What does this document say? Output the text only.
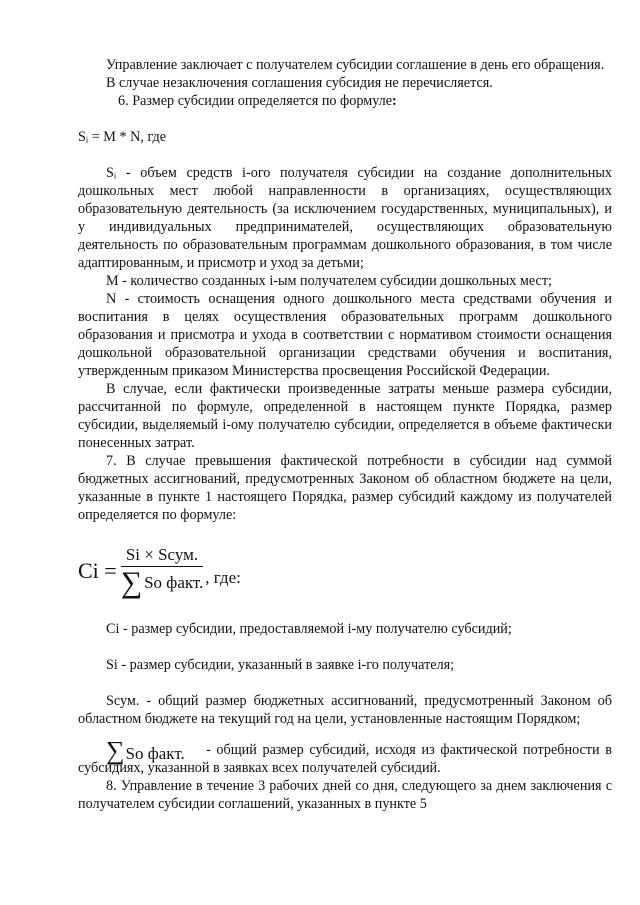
Управление заключает с получателем субсидии соглашение в день его обращения.

В случае незаключения соглашения субсидия не перечисляется.

6. Размер субсидии определяется по формуле:

Sᵢ = M * N, где

Sᵢ - объем средств i-ого получателя субсидии на создание дополнительных дошкольных мест любой направленности в организациях, осуществляющих образовательную деятельность (за исключением государственных, муниципальных), и у индивидуальных предпринимателей, осуществляющих образовательную деятельность по образовательным программам дошкольного образования, в том числе адаптированным, и присмотр и уход за детьми;

M - количество созданных i-ым получателем субсидии дошкольных мест;

N - стоимость оснащения одного дошкольного места средствами обучения и воспитания в целях осуществления образовательных программ дошкольного образования и присмотра и ухода в соответствии с нормативом стоимости оснащения дошкольной образовательной организации средствами обучения и воспитания, утвержденным приказом Министерства просвещения Российской Федерации.

В случае, если фактически произведенные затраты меньше размера субсидии, рассчитанной по формуле, определенной в настоящем пункте Порядка, размер субсидии, выделяемый i-ому получателю субсидии, определяется в объеме фактически понесенных затрат.

7. В случае превышения фактической потребности в субсидии над суммой бюджетных ассигнований, предусмотренных Законом об областном бюджете на цели, указанные в пункте 1 настоящего Порядка, размер субсидий каждому из получателей определяется по формуле:

$Ci = \frac{\text{Si × Sсум.}}{\text{∑ So факт.}}$ , где:

Ci - размер субсидии, предоставляемой i-му получателю субсидий;

Si - размер субсидии, указанный в заявке i-го получателя;

Sсум. - общий размер бюджетных ассигнований, предусмотренный Законом об областном бюджете на текущий год на цели, установленные настоящим Порядком;

∑ So факт.	- общий размер субсидий, исходя из фактической потребности в субсидиях, указанной в заявках всех получателей субсидий.

8. Управление в течение 3 рабочих дней со дня, следующего за днем заключения с получателем субсидии соглашений, указанных в пункте 5
